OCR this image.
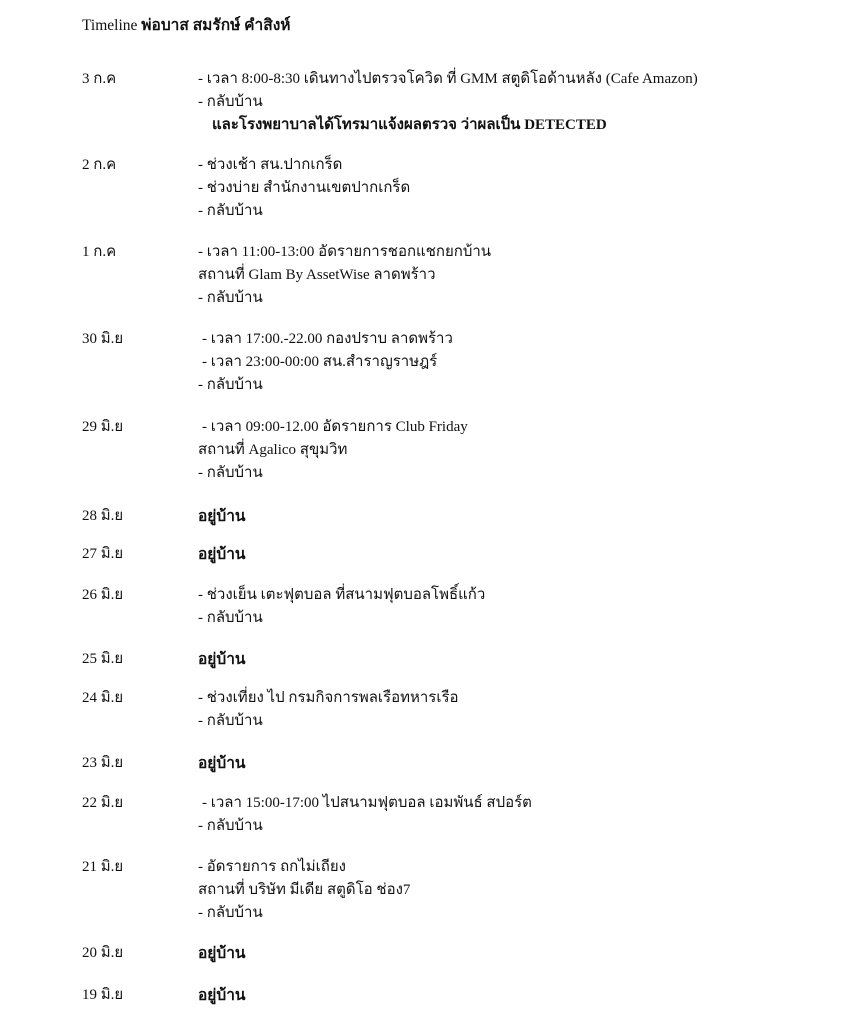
Timeline พ่อบาส สมรักษ์ คำสิงห์
3 ก.ค	- เวลา 8:00-8:30 เดินทางไปตรวจโควิด ที่ GMM สตูดิโอด้านหลัง (Cafe Amazon)
- กลับบ้าน
และโรงพยาบาลได้โทรมาแจ้งผลตรวจ ว่าผลเป็น DETECTED
2 ก.ค	- ช่วงเช้า สน.ปากเกร็ด
- ช่วงบ่าย สำนักงานเขตปากเกร็ด
- กลับบ้าน
1 ก.ค	- เวลา 11:00-13:00 อัดรายการชอกแชกยกบ้าน
สถานที่ Glam By AssetWise ลาดพร้าว
- กลับบ้าน
30 มิ.ย	- เวลา 17:00.-22.00 กองปราบ ลาดพร้าว
- เวลา 23:00-00:00 สน.สำราญราษฎร์
- กลับบ้าน
29 มิ.ย	- เวลา 09:00-12.00 อัดรายการ Club Friday
สถานที่ Agalico สุขุมวิท
- กลับบ้าน
28 มิ.ย	อยู่บ้าน
27 มิ.ย	อยู่บ้าน
26 มิ.ย	- ช่วงเย็น เตะฟุตบอล ที่สนามฟุตบอลโพธิ์แก้ว
- กลับบ้าน
25 มิ.ย	อยู่บ้าน
24 มิ.ย	- ช่วงเที่ยง ไป กรมกิจการพลเรือทหารเรือ
- กลับบ้าน
23 มิ.ย	อยู่บ้าน
22 มิ.ย	- เวลา 15:00-17:00 ไปสนามฟุตบอล เอมพันธ์ สปอร์ต
- กลับบ้าน
21 มิ.ย	- อัดรายการ ถกไม่เถียง
สถานที่ บริษัท มีเดีย สตูดิโอ ช่อง7
- กลับบ้าน
20 มิ.ย	อยู่บ้าน
19 มิ.ย	อยู่บ้าน
